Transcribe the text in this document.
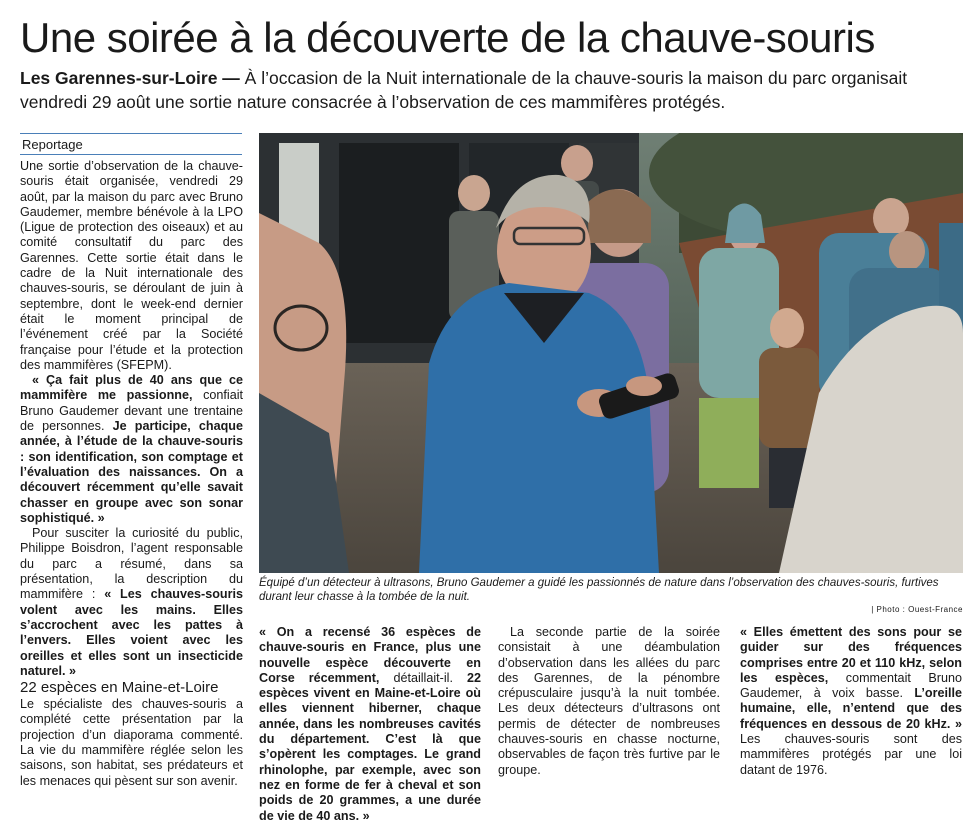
Une soirée à la découverte de la chauve-souris

Les Garennes-sur-Loire — À l’occasion de la Nuit internationale de la chauve-souris la maison du parc organisait vendredi 29 août une sortie nature consacrée à l’observation de ces mammifères protégés.

Reportage
Équipé d’un détecteur à ultrasons, Bruno Gaudemer a guidé les passionnés de nature dans l’observation des chauves-souris, furtives durant leur chasse à la tombée de la nuit.
| Photo : Ouest-France

Une sortie d’observation de la chauve-souris était organisée, vendredi 29 août, par la maison du parc avec Bruno Gaudemer, membre bénévole à la LPO (Ligue de protection des oiseaux) et au comité consultatif du parc des Garennes. Cette sortie était dans le cadre de la Nuit internationale des chauves-souris, se déroulant de juin à septembre, dont le week-end dernier était le moment principal de l’événement créé par la Société française pour l’étude et la protection des mammifères (SFEPM).

« Ça fait plus de 40 ans que ce mammifère me passionne, confiait Bruno Gaudemer devant une trentaine de personnes. Je participe, chaque année, à l’étude de la chauve-souris : son identification, son comptage et l’évaluation des naissances. On a découvert récemment qu’elle savait chasser en groupe avec son sonar sophistiqué. »

Pour susciter la curiosité du public, Philippe Boisdron, l’agent responsable du parc a résumé, dans sa présentation, la description du mammifère : « Les chauves-souris volent avec les mains. Elles s’accrochent avec les pattes à l’envers. Elles voient avec les oreilles et elles sont un insecticide naturel. »

22 espèces en Maine-et-Loire

Le spécialiste des chauves-souris a complété cette présentation par la projection d’un diaporama commenté. La vie du mammifère réglée selon les saisons, son habitat, ses prédateurs et les menaces qui pèsent sur son avenir.

« On a recensé 36 espèces de chauve-souris en France, plus une nouvelle espèce découverte en Corse récemment, détaillait-il. 22 espèces vivent en Maine-et-Loire où elles viennent hiberner, chaque année, dans les nombreuses cavités du département. C’est là que s’opèrent les comptages. Le grand rhinolophe, par exemple, avec son nez en forme de fer à cheval et son poids de 20 grammes, a une durée de vie de 40 ans. »

La seconde partie de la soirée consistait à une déambulation d’observation dans les allées du parc des Garennes, de la pénombre crépusculaire jusqu’à la nuit tombée. Les deux détecteurs d’ultrasons ont permis de détecter de nombreuses chauves-souris en chasse nocturne, observables de façon très furtive par le groupe.

« Elles émettent des sons pour se guider sur des fréquences comprises entre 20 et 110 kHz, selon les espèces, commentait Bruno Gaudemer, à voix basse. L’oreille humaine, elle, n’entend que des fréquences en dessous de 20 kHz. » Les chauves-souris sont des mammifères protégés par une loi datant de 1976.
